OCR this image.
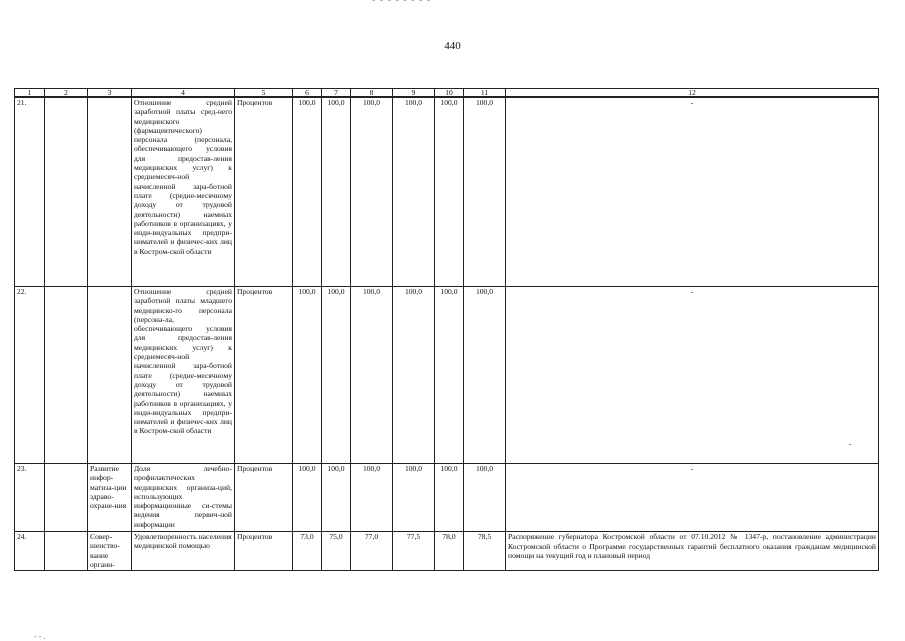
- - - - - - - -
440
1	2	3	4	5	6	7	8	9	10	11	12
21.			Отношение средней заработной платы сред-него медицинского (фармацевтического) персонала (персонала, обеспечивающего условия для предостав-ления медицинских услуг) к среднемесяч-ной начисленной зара-ботной плате (средне-месячному доходу от трудовой деятельности) наемных работников в организациях, у инди-видуальных предпри-нимателей и физичес-ких лиц в Костром-ской области	Процентов	100,0	100,0	100,0	100,0	100,0	100,0	-
22.			Отношение средней заработной платы младшего медицинско-го персонала (персона-ла, обеспечивающего условия для предостав-ления медицинских услуг) к среднемесяч-ной начисленной зара-ботной плате (средне-месячному доходу от трудовой деятельности) наемных работников в организациях, у инди-видуальных предпри-нимателей и физичес-ких лиц в Костром-ской области	Процентов	100,0	100,0	100,0	100,0	100,0	100,0	-
23.		Развитие инфор-матиза-ции здраво-охране-ния	Доля лечебно-профилактических медицинских организа-ций, использующих информационные си-стемы ведения первич-ной информации	Процентов	100,0	100,0	100,0	100,0	100,0	100,0	-
24.		Совер-шенство-вание органи-	Удовлетворенность населения медицинской помощью	Процентов	73,0	75,0	77,0	77,5	78,0	78,5	Распоряжение губернатора Костромской области от 07.10.2012 № 1347-р, постановление администрации Костромской области о Программе государственных гарантий бесплатного оказания гражданам медицинской помощи на текущий год и плановый период
-
- - .
